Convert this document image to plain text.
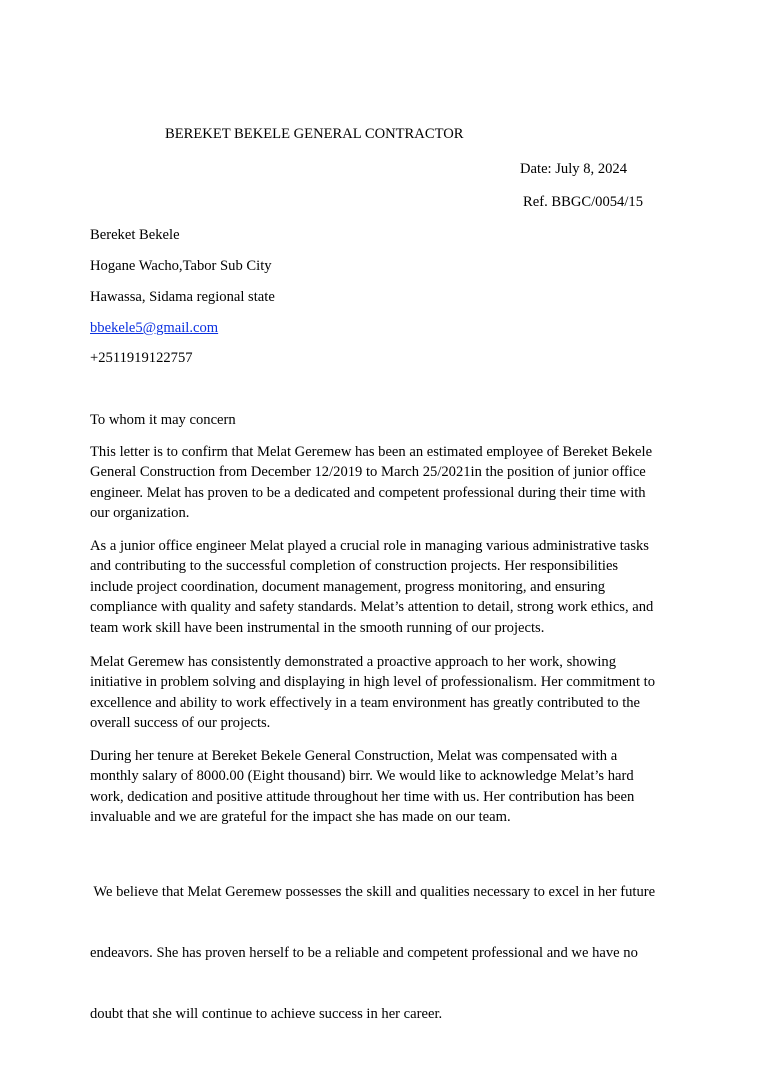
BEREKET BEKELE GENERAL CONTRACTOR
Date: July 8, 2024
Ref. BBGC/0054/15
Bereket Bekele
Hogane Wacho,Tabor Sub City
Hawassa, Sidama regional state
bbekele5@gmail.com
+2511919122757
To whom it may concern

This letter is to confirm that Melat Geremew has been an estimated employee of Bereket Bekele
General Construction from December 12/2019 to March 25/2021in the position of junior office
engineer. Melat has proven to be a dedicated and competent professional during their time with
our organization.

As a junior office engineer Melat played a crucial role in managing various administrative tasks
and contributing to the successful completion of construction projects. Her responsibilities
include project coordination, document management, progress monitoring, and ensuring
compliance with quality and safety standards. Melat’s attention to detail, strong work ethics, and
team work skill have been instrumental in the smooth running of our projects.

Melat Geremew has consistently demonstrated a proactive approach to her work, showing
initiative in problem solving and displaying in high level of professionalism. Her commitment to
excellence and ability to work effectively in a team environment has greatly contributed to the
overall success of our projects.

During her tenure at Bereket Bekele General Construction, Melat was compensated with a
monthly salary of 8000.00 (Eight thousand) birr. We would like to acknowledge Melat’s hard
work, dedication and positive attitude throughout her time with us. Her contribution has been
invaluable and we are grateful for the impact she has made on our team.

We believe that Melat Geremew possesses the skill and qualities necessary to excel in her future

endeavors. She has proven herself to be a reliable and competent professional and we have no

doubt that she will continue to achieve success in her career.
